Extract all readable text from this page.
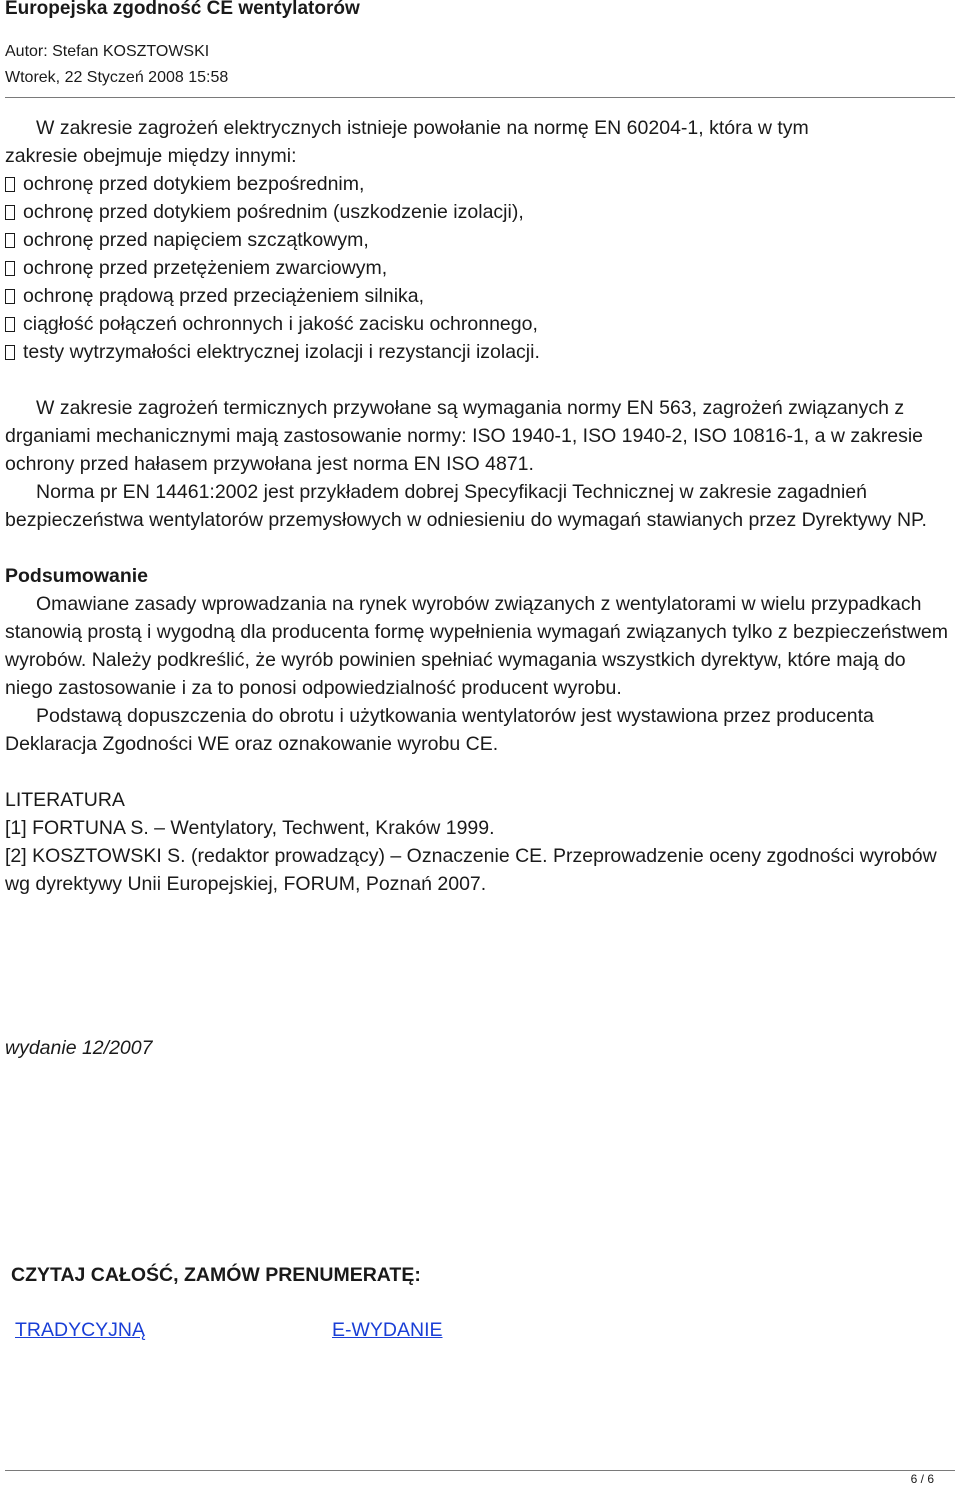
Europejska zgodność CE wentylatorów
Autor: Stefan KOSZTOWSKI
Wtorek, 22 Styczeń 2008 15:58

W zakresie zagrożeń elektrycznych istnieje powołanie na normę EN 60204-1, która w tym

zakresie obejmuje między innymi:

ochronę przed dotykiem bezpośrednim,
ochronę przed dotykiem pośrednim (uszkodzenie izolacji),
ochronę przed napięciem szczątkowym,
ochronę przed przetężeniem zwarciowym,
ochronę prądową przed przeciążeniem silnika,
ciągłość połączeń ochronnych i jakość zacisku ochronnego,
testy wytrzymałości elektrycznej izolacji i rezystancji izolacji.

W zakresie zagrożeń termicznych przywołane są wymagania normy EN 563, zagrożeń związanych z drganiami mechanicznymi mają zastosowanie normy: ISO 1940-1, ISO 1940-2, ISO 10816-1, a w zakresie ochrony przed hałasem przywołana jest norma EN ISO 4871.

Norma pr EN 14461:2002 jest przykładem dobrej Specyfikacji Technicznej w zakresie zagadnień bezpieczeństwa wentylatorów przemysłowych w odniesieniu do wymagań stawianych przez Dyrektywy NP.

Podsumowanie

Omawiane zasady wprowadzania na rynek wyrobów związanych z wentylatorami w wielu przypadkach stanowią prostą i wygodną dla producenta formę wypełnienia wymagań związanych tylko z bezpieczeństwem wyrobów. Należy podkreślić, że wyrób powinien spełniać wymagania wszystkich dyrektyw, które mają do niego zastosowanie i za to ponosi odpowiedzialność producent wyrobu.

Podstawą dopuszczenia do obrotu i użytkowania wentylatorów jest wystawiona przez producenta Deklaracja Zgodności WE oraz oznakowanie wyrobu CE.

LITERATURA

[1] FORTUNA S. – Wentylatory, Techwent, Kraków 1999.

[2] KOSZTOWSKI S. (redaktor prowadzący) – Oznaczenie CE. Przeprowadzenie oceny zgodności wyrobów wg dyrektywy Unii Europejskiej, FORUM, Poznań 2007.

wydanie 12/2007
CZYTAJ CAŁOŚĆ, ZAMÓW PRENUMERATĘ:
TRADYCYJNĄ	E-WYDANIE
6 / 6
